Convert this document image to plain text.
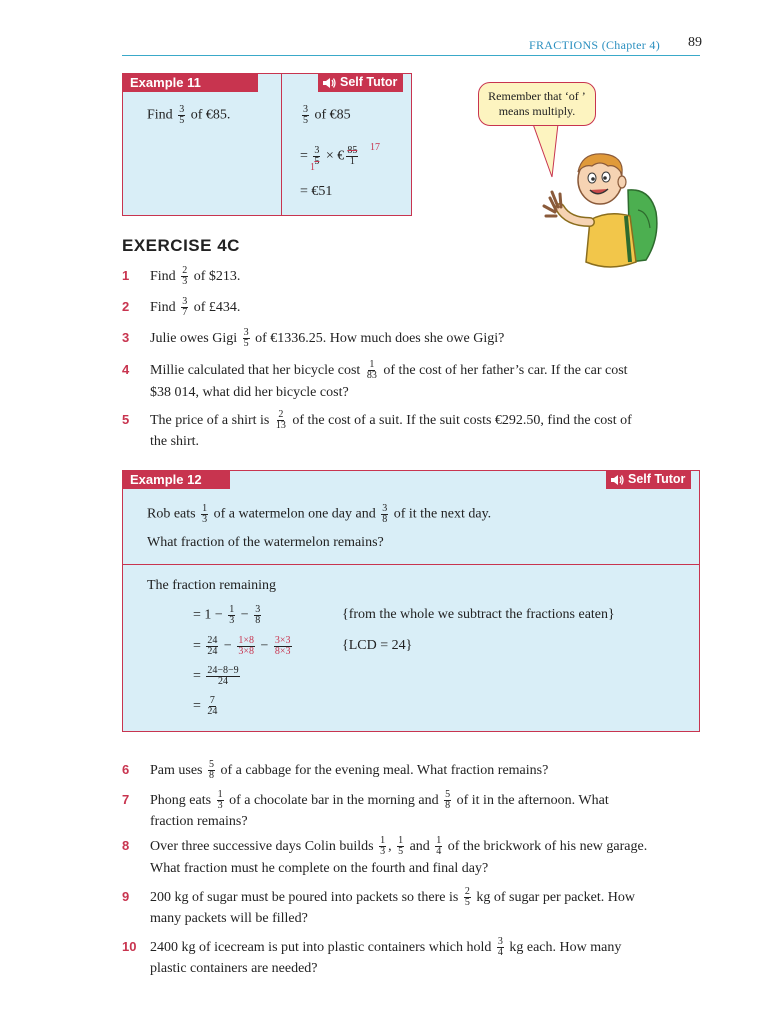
FRACTIONS (Chapter 4)	89
Example 11	Self Tutor
Find $\frac{3}{5}$ of €85.	$\frac{3}{5}$ of €85
= $\frac{3}{5}$

1
× € $\frac{85}{1} 17$
= €51
Remember that ‘of ’ means multiply.
EXERCISE 4C
1	Find $\frac{2}{3}$ of $213.
2	Find $\frac{3}{7}$ of £434.
3	Julie owes Gigi $\frac{3}{5}$ of €1336.25. How much does she owe Gigi?
4	Millie calculated that her bicycle cost $\frac{1}{83}$ of the cost of her father’s car. If the car cost
$38 014, what did her bicycle cost?
5	The price of a shirt is $\frac{2}{13}$ of the cost of a suit. If the suit costs €292.50, find the cost of
the shirt.
Example 12	Self Tutor
Rob eats $\frac{1}{3}$ of a watermelon one day and $\frac{3}{8}$ of it the next day.
What fraction of the watermelon remains?
The fraction remaining
= $1 - \frac{1}{3} - \frac{3}{8}$	{from the whole we subtract the fractions eaten}
= $\frac{24}{24} - \frac{1\times 8}{3\times 8} - \frac{3\times 3}{8\times 3}$	{LCD = 24}
= $\frac{24-8-9}{24}$
= $\frac{7}{24}$
6	Pam uses $\frac{5}{8}$ of a cabbage for the evening meal. What fraction remains?
7	Phong eats $\frac{1}{3}$ of a chocolate bar in the morning and $\frac{5}{8}$ of it in the afternoon. What
fraction remains?
8	Over three successive days Colin builds $\frac{1}{3}$ , $\frac{1}{5}$ and $\frac{1}{4}$ of the brickwork of his new garage.
What fraction must he complete on the fourth and final day?
9	200 kg of sugar must be poured into packets so there is $\frac{2}{5}$ kg of sugar per packet. How
many packets will be filled?
10 2400 kg of icecream is put into plastic containers which hold $\frac{3}{4}$ kg each. How many
plastic containers are needed?
